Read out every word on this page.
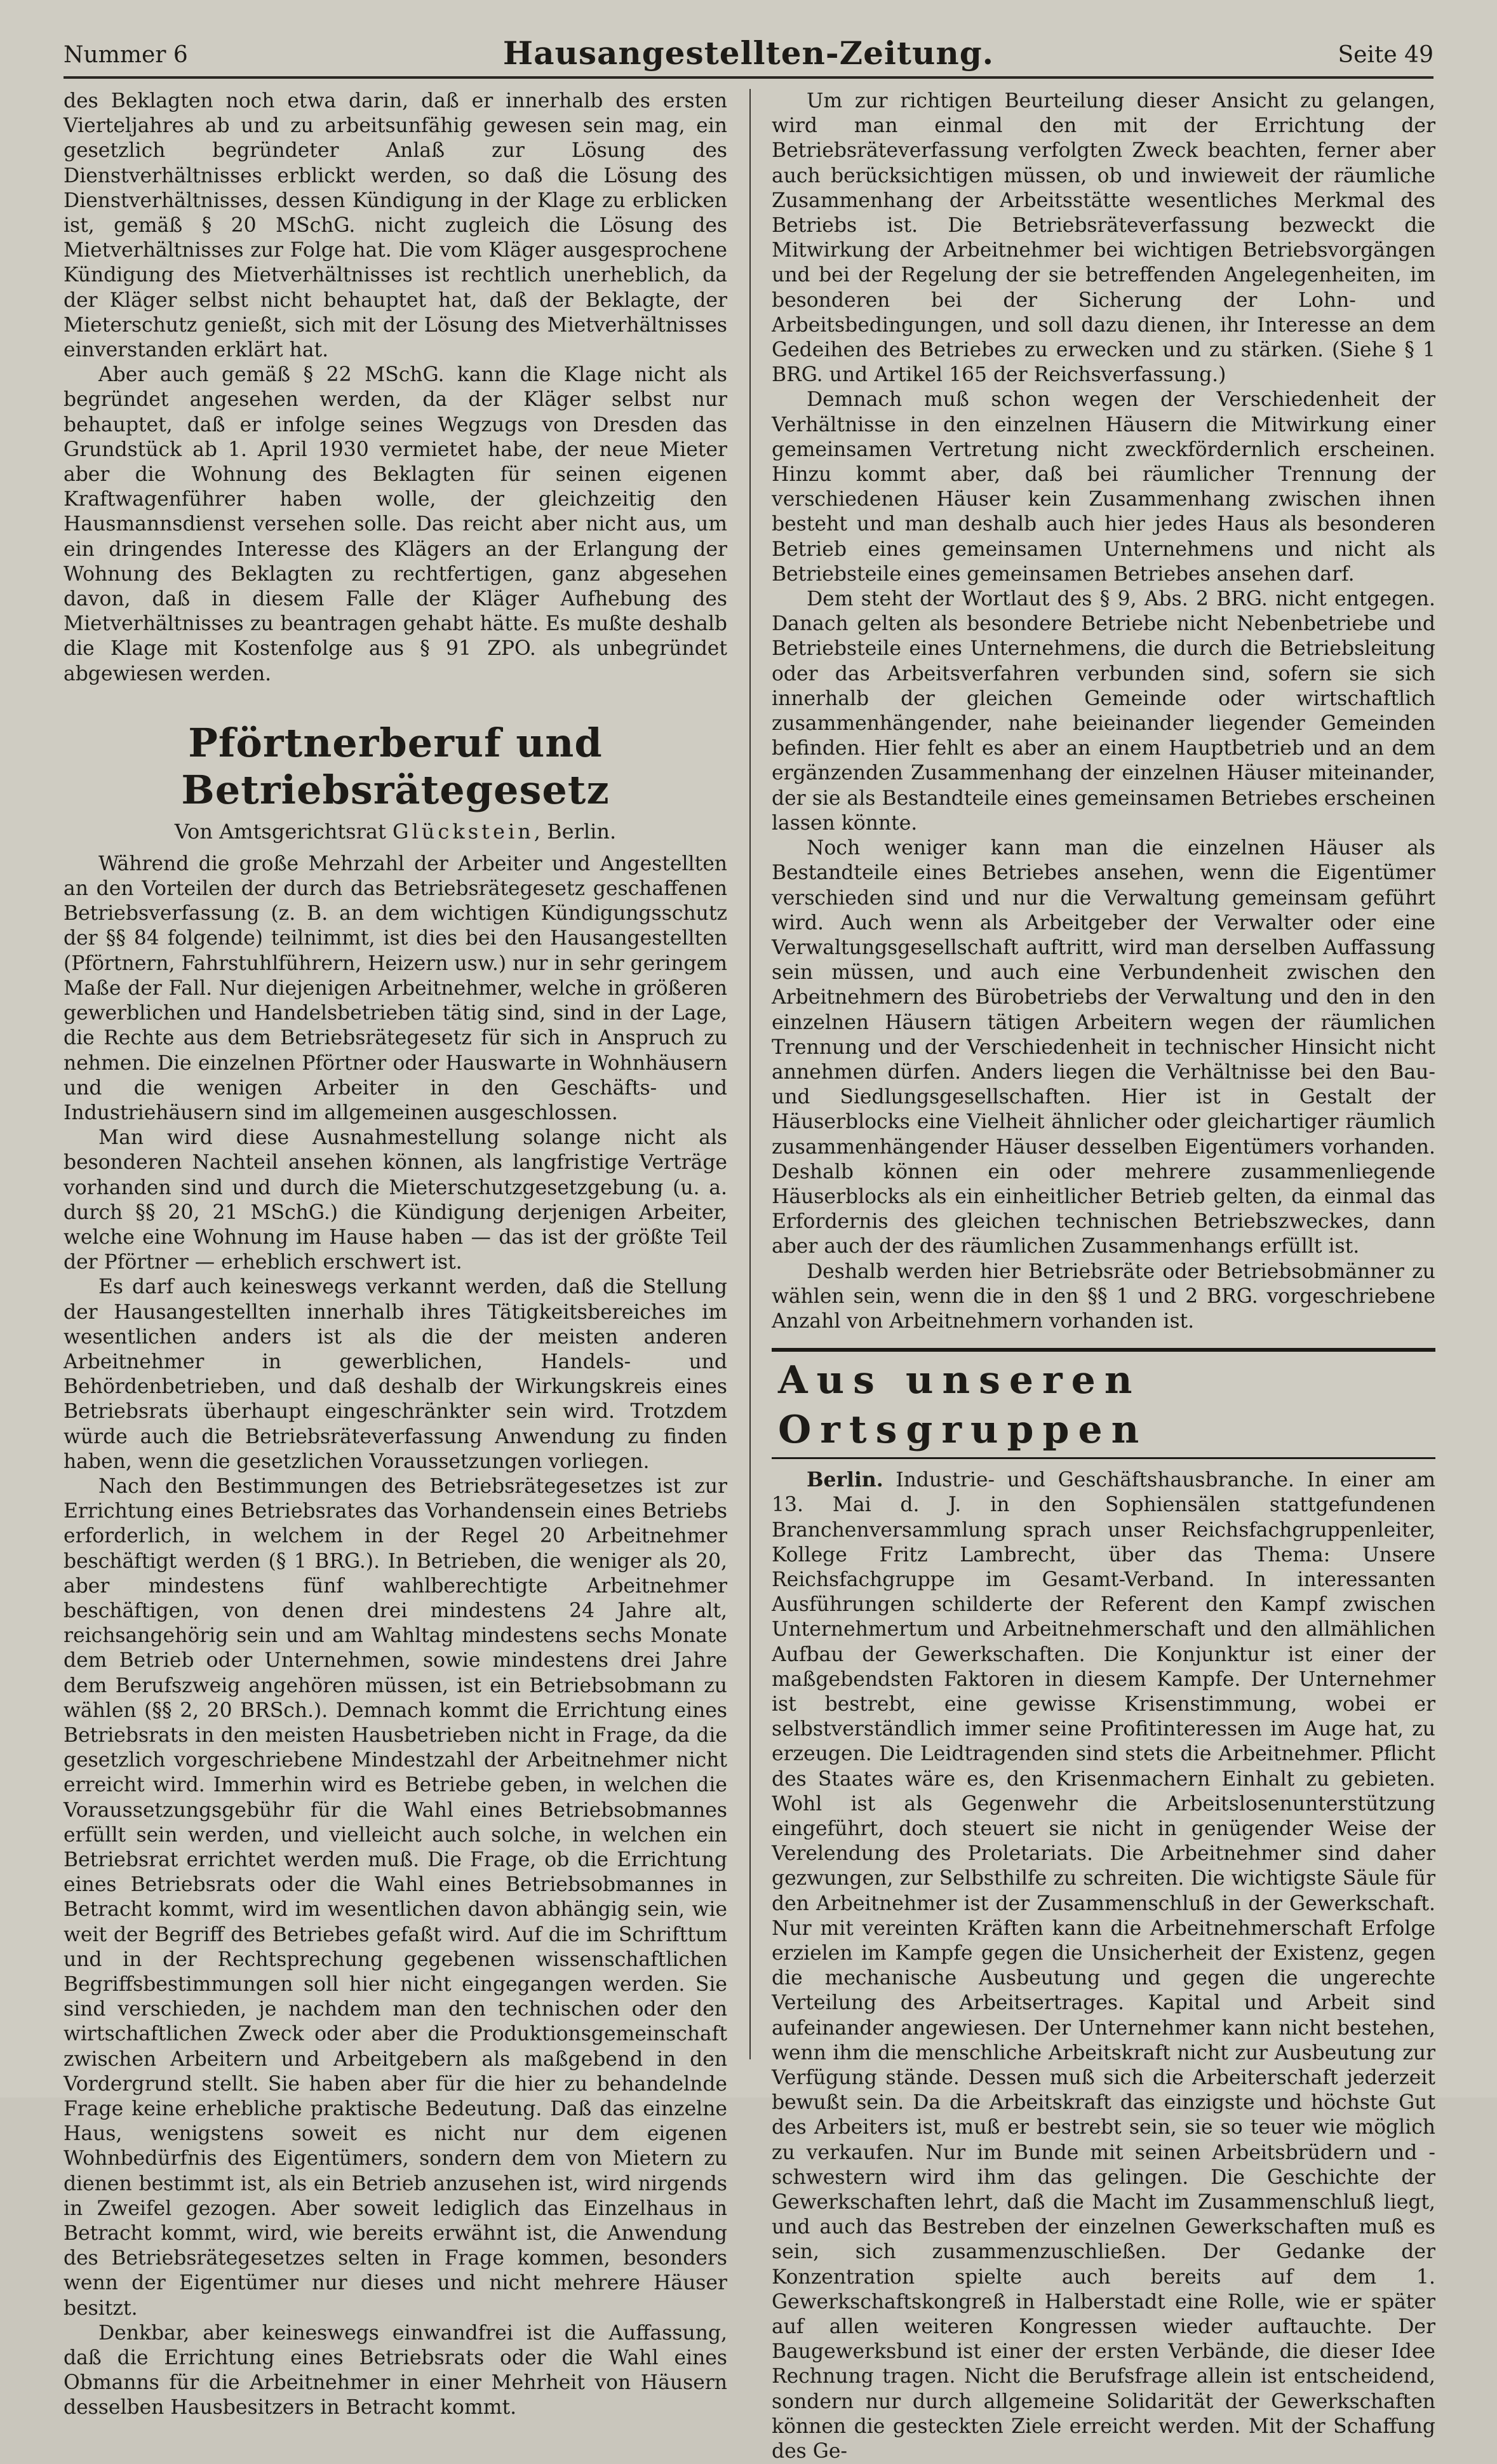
Nummer 6	Hausangestellten-Zeitung.	Seite 49

des Beklagten noch etwa darin, daß er innerhalb des ersten Vierteljahres ab und zu arbeitsunfähig gewesen sein mag, ein gesetzlich begründeter Anlaß zur Lösung des Dienstverhältnisses erblickt werden, so daß die Lösung des Dienstverhältnisses, dessen Kündigung in der Klage zu erblicken ist, gemäß § 20 MSchG. nicht zugleich die Lösung des Mietverhältnisses zur Folge hat. Die vom Kläger ausgesprochene Kündigung des Mietverhältnisses ist rechtlich unerheblich, da der Kläger selbst nicht behauptet hat, daß der Beklagte, der Mieterschutz genießt, sich mit der Lösung des Mietverhältnisses einverstanden erklärt hat.

Aber auch gemäß § 22 MSchG. kann die Klage nicht als begründet angesehen werden, da der Kläger selbst nur behauptet, daß er infolge seines Wegzugs von Dresden das Grundstück ab 1. April 1930 vermietet habe, der neue Mieter aber die Wohnung des Beklagten für seinen eigenen Kraftwagenführer haben wolle, der gleichzeitig den Hausmannsdienst versehen solle. Das reicht aber nicht aus, um ein dringendes Interesse des Klägers an der Erlangung der Wohnung des Beklagten zu rechtfertigen, ganz abgesehen davon, daß in diesem Falle der Kläger Aufhebung des Mietverhältnisses zu beantragen gehabt hätte. Es mußte deshalb die Klage mit Kostenfolge aus § 91 ZPO. als unbegründet abgewiesen werden.

Pförtnerberuf und Betriebsrätegesetz
Von Amtsgerichtsrat Glückstein, Berlin.

Während die große Mehrzahl der Arbeiter und Angestellten an den Vorteilen der durch das Betriebsrätegesetz geschaffenen Betriebsverfassung (z. B. an dem wichtigen Kündigungsschutz der §§ 84 folgende) teilnimmt, ist dies bei den Hausangestellten (Pförtnern, Fahrstuhlführern, Heizern usw.) nur in sehr geringem Maße der Fall. Nur diejenigen Arbeitnehmer, welche in größeren gewerblichen und Handelsbetrieben tätig sind, sind in der Lage, die Rechte aus dem Betriebsrätegesetz für sich in Anspruch zu nehmen. Die einzelnen Pförtner oder Hauswarte in Wohnhäusern und die wenigen Arbeiter in den Geschäfts- und Industriehäusern sind im allgemeinen ausgeschlossen.

Man wird diese Ausnahmestellung solange nicht als besonderen Nachteil ansehen können, als langfristige Verträge vorhanden sind und durch die Mieterschutzgesetzgebung (u. a. durch §§ 20, 21 MSchG.) die Kündigung derjenigen Arbeiter, welche eine Wohnung im Hause haben — das ist der größte Teil der Pförtner — erheblich erschwert ist.

Es darf auch keineswegs verkannt werden, daß die Stellung der Hausangestellten innerhalb ihres Tätigkeitsbereiches im wesentlichen anders ist als die der meisten anderen Arbeitnehmer in gewerblichen, Handels- und Behördenbetrieben, und daß deshalb der Wirkungskreis eines Betriebsrats überhaupt eingeschränkter sein wird. Trotzdem würde auch die Betriebsräteverfassung Anwendung zu finden haben, wenn die gesetzlichen Voraussetzungen vorliegen.

Nach den Bestimmungen des Betriebsrätegesetzes ist zur Errichtung eines Betriebsrates das Vorhandensein eines Betriebs erforderlich, in welchem in der Regel 20 Arbeitnehmer beschäftigt werden (§ 1 BRG.). In Betrieben, die weniger als 20, aber mindestens fünf wahlberechtigte Arbeitnehmer beschäftigen, von denen drei mindestens 24 Jahre alt, reichsangehörig sein und am Wahltag mindestens sechs Monate dem Betrieb oder Unternehmen, sowie mindestens drei Jahre dem Berufszweig angehören müssen, ist ein Betriebsobmann zu wählen (§§ 2, 20 BRSch.). Demnach kommt die Errichtung eines Betriebsrats in den meisten Hausbetrieben nicht in Frage, da die gesetzlich vorgeschriebene Mindestzahl der Arbeitnehmer nicht erreicht wird. Immerhin wird es Betriebe geben, in welchen die Voraussetzungsgebühr für die Wahl eines Betriebsobmannes erfüllt sein werden, und vielleicht auch solche, in welchen ein Betriebsrat errichtet werden muß. Die Frage, ob die Errichtung eines Betriebsrats oder die Wahl eines Betriebsobmannes in Betracht kommt, wird im wesentlichen davon abhängig sein, wie weit der Begriff des Betriebes gefaßt wird. Auf die im Schrifttum und in der Rechtsprechung gegebenen wissenschaftlichen Begriffsbestimmungen soll hier nicht eingegangen werden. Sie sind verschieden, je nachdem man den technischen oder den wirtschaftlichen Zweck oder aber die Produktionsgemeinschaft zwischen Arbeitern und Arbeitgebern als maßgebend in den Vordergrund stellt. Sie haben aber für die hier zu behandelnde Frage keine erhebliche praktische Bedeutung. Daß das einzelne Haus, wenigstens soweit es nicht nur dem eigenen Wohnbedürfnis des Eigentümers, sondern dem von Mietern zu dienen bestimmt ist, als ein Betrieb anzusehen ist, wird nirgends in Zweifel gezogen. Aber soweit lediglich das Einzelhaus in Betracht kommt, wird, wie bereits erwähnt ist, die Anwendung des Betriebsrätegesetzes selten in Frage kommen, besonders wenn der Eigentümer nur dieses und nicht mehrere Häuser besitzt.

Denkbar, aber keineswegs einwandfrei ist die Auffassung, daß die Errichtung eines Betriebsrats oder die Wahl eines Obmanns für die Arbeitnehmer in einer Mehrheit von Häusern desselben Hausbesitzers in Betracht kommt.

Um zur richtigen Beurteilung dieser Ansicht zu gelangen, wird man einmal den mit der Errichtung der Betriebsräteverfassung verfolgten Zweck beachten, ferner aber auch berücksichtigen müssen, ob und inwieweit der räumliche Zusammenhang der Arbeitsstätte wesentliches Merkmal des Betriebs ist. Die Betriebsräteverfassung bezweckt die Mitwirkung der Arbeitnehmer bei wichtigen Betriebsvorgängen und bei der Regelung der sie betreffenden Angelegenheiten, im besonderen bei der Sicherung der Lohn- und Arbeitsbedingungen, und soll dazu dienen, ihr Interesse an dem Gedeihen des Betriebes zu erwecken und zu stärken. (Siehe § 1 BRG. und Artikel 165 der Reichsverfassung.)

Demnach muß schon wegen der Verschiedenheit der Verhältnisse in den einzelnen Häusern die Mitwirkung einer gemeinsamen Vertretung nicht zweckfördernlich erscheinen. Hinzu kommt aber, daß bei räumlicher Trennung der verschiedenen Häuser kein Zusammenhang zwischen ihnen besteht und man deshalb auch hier jedes Haus als besonderen Betrieb eines gemeinsamen Unternehmens und nicht als Betriebsteile eines gemeinsamen Betriebes ansehen darf.

Dem steht der Wortlaut des § 9, Abs. 2 BRG. nicht entgegen. Danach gelten als besondere Betriebe nicht Nebenbetriebe und Betriebsteile eines Unternehmens, die durch die Betriebsleitung oder das Arbeitsverfahren verbunden sind, sofern sie sich innerhalb der gleichen Gemeinde oder wirtschaftlich zusammenhängender, nahe beieinander liegender Gemeinden befinden. Hier fehlt es aber an einem Hauptbetrieb und an dem ergänzenden Zusammenhang der einzelnen Häuser miteinander, der sie als Bestandteile eines gemeinsamen Betriebes erscheinen lassen könnte.

Noch weniger kann man die einzelnen Häuser als Bestandteile eines Betriebes ansehen, wenn die Eigentümer verschieden sind und nur die Verwaltung gemeinsam geführt wird. Auch wenn als Arbeitgeber der Verwalter oder eine Verwaltungsgesellschaft auftritt, wird man derselben Auffassung sein müssen, und auch eine Verbundenheit zwischen den Arbeitnehmern des Bürobetriebs der Verwaltung und den in den einzelnen Häusern tätigen Arbeitern wegen der räumlichen Trennung und der Verschiedenheit in technischer Hinsicht nicht annehmen dürfen. Anders liegen die Verhältnisse bei den Bau- und Siedlungsgesellschaften. Hier ist in Gestalt der Häuserblocks eine Vielheit ähnlicher oder gleichartiger räumlich zusammenhängender Häuser desselben Eigentümers vorhanden. Deshalb können ein oder mehrere zusammenliegende Häuserblocks als ein einheitlicher Betrieb gelten, da einmal das Erfordernis des gleichen technischen Betriebszweckes, dann aber auch der des räumlichen Zusammenhangs erfüllt ist.

Deshalb werden hier Betriebsräte oder Betriebsobmänner zu wählen sein, wenn die in den §§ 1 und 2 BRG. vorgeschriebene Anzahl von Arbeitnehmern vorhanden ist.

Aus unseren Ortsgruppen

Berlin. Industrie- und Geschäftshausbranche. In einer am 13. Mai d. J. in den Sophiensälen stattgefundenen Branchenversammlung sprach unser Reichsfachgruppenleiter, Kollege Fritz Lambrecht, über das Thema: Unsere Reichsfachgruppe im Gesamt-Verband. In interessanten Ausführungen schilderte der Referent den Kampf zwischen Unternehmertum und Arbeitnehmerschaft und den allmählichen Aufbau der Gewerkschaften. Die Konjunktur ist einer der maßgebendsten Faktoren in diesem Kampfe. Der Unternehmer ist bestrebt, eine gewisse Krisenstimmung, wobei er selbstverständlich immer seine Profitinteressen im Auge hat, zu erzeugen. Die Leidtragenden sind stets die Arbeitnehmer. Pflicht des Staates wäre es, den Krisenmachern Einhalt zu gebieten. Wohl ist als Gegenwehr die Arbeitslosenunterstützung eingeführt, doch steuert sie nicht in genügender Weise der Verelendung des Proletariats. Die Arbeitnehmer sind daher gezwungen, zur Selbsthilfe zu schreiten. Die wichtigste Säule für den Arbeitnehmer ist der Zusammenschluß in der Gewerkschaft. Nur mit vereinten Kräften kann die Arbeitnehmerschaft Erfolge erzielen im Kampfe gegen die Unsicherheit der Existenz, gegen die mechanische Ausbeutung und gegen die ungerechte Verteilung des Arbeitsertrages. Kapital und Arbeit sind aufeinander angewiesen. Der Unternehmer kann nicht bestehen, wenn ihm die menschliche Arbeitskraft nicht zur Ausbeutung zur Verfügung stände. Dessen muß sich die Arbeiterschaft jederzeit bewußt sein. Da die Arbeitskraft das einzigste und höchste Gut des Arbeiters ist, muß er bestrebt sein, sie so teuer wie möglich zu verkaufen. Nur im Bunde mit seinen Arbeitsbrüdern und -schwestern wird ihm das gelingen. Die Geschichte der Gewerkschaften lehrt, daß die Macht im Zusammenschluß liegt, und auch das Bestreben der einzelnen Gewerkschaften muß es sein, sich zusammenzuschließen. Der Gedanke der Konzentration spielte auch bereits auf dem 1. Gewerkschaftskongreß in Halberstadt eine Rolle, wie er später auf allen weiteren Kongressen wieder auftauchte. Der Baugewerksbund ist einer der ersten Verbände, die dieser Idee Rechnung tragen. Nicht die Berufsfrage allein ist entscheidend, sondern nur durch allgemeine Solidarität der Gewerkschaften können die gesteckten Ziele erreicht werden. Mit der Schaffung des Ge-
